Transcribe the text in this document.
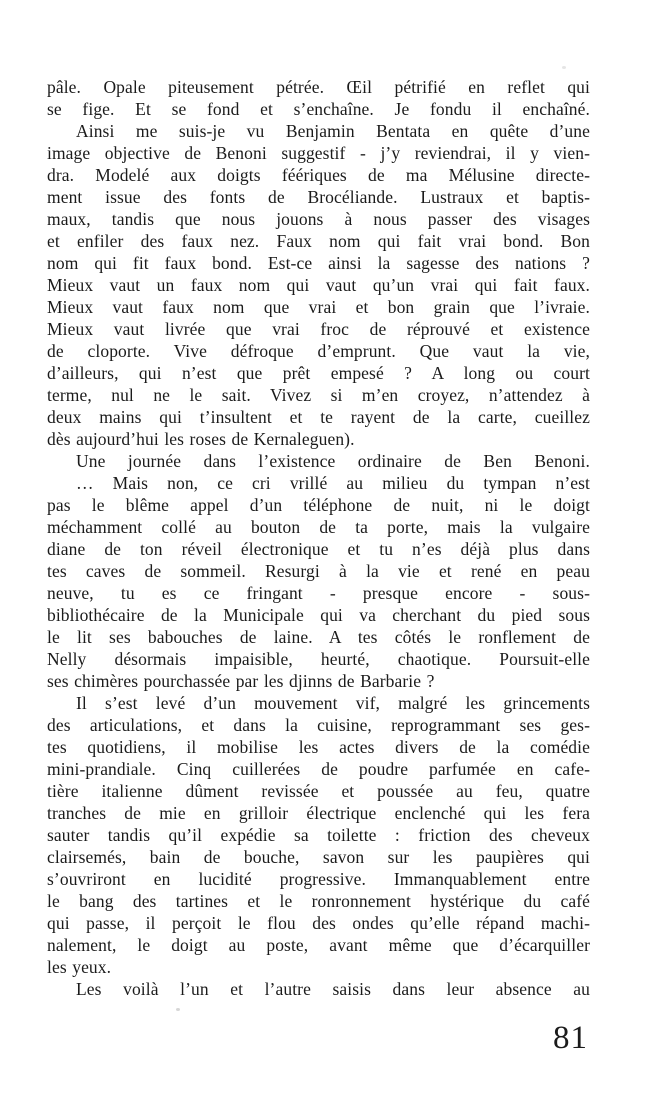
pâle. Opale piteusement pétrée. Œil pétrifié en reflet qui
se fige. Et se fond et s’enchaîne. Je fondu il enchaîné.
Ainsi me suis-je vu Benjamin Bentata en quête d’une
image objective de Benoni suggestif - j’y reviendrai, il y vien-
dra. Modelé aux doigts féériques de ma Mélusine directe-
ment issue des fonts de Brocéliande. Lustraux et baptis-
maux, tandis que nous jouons à nous passer des visages
et enfiler des faux nez. Faux nom qui fait vrai bond. Bon
nom qui fit faux bond. Est-ce ainsi la sagesse des nations ?
Mieux vaut un faux nom qui vaut qu’un vrai qui fait faux.
Mieux vaut faux nom que vrai et bon grain que l’ivraie.
Mieux vaut livrée que vrai froc de réprouvé et existence
de cloporte. Vive défroque d’emprunt. Que vaut la vie,
d’ailleurs, qui n’est que prêt empesé ? A long ou court
terme, nul ne le sait. Vivez si m’en croyez, n’attendez à
deux mains qui t’insultent et te rayent de la carte, cueillez
dès aujourd’hui les roses de Kernaleguen).
Une journée dans l’existence ordinaire de Ben Benoni.
… Mais non, ce cri vrillé au milieu du tympan n’est
pas le blême appel d’un téléphone de nuit, ni le doigt
méchamment collé au bouton de ta porte, mais la vulgaire
diane de ton réveil électronique et tu n’es déjà plus dans
tes caves de sommeil. Resurgi à la vie et rené en peau
neuve, tu es ce fringant - presque encore - sous-
bibliothécaire de la Municipale qui va cherchant du pied sous
le lit ses babouches de laine. A tes côtés le ronflement de
Nelly désormais impaisible, heurté, chaotique. Poursuit-elle
ses chimères pourchassée par les djinns de Barbarie ?
Il s’est levé d’un mouvement vif, malgré les grincements
des articulations, et dans la cuisine, reprogrammant ses ges-
tes quotidiens, il mobilise les actes divers de la comédie
mini-prandiale. Cinq cuillerées de poudre parfumée en cafe-
tière italienne dûment revissée et poussée au feu, quatre
tranches de mie en grilloir électrique enclenché qui les fera
sauter tandis qu’il expédie sa toilette : friction des cheveux
clairsemés, bain de bouche, savon sur les paupières qui
s’ouvriront en lucidité progressive. Immanquablement entre
le bang des tartines et le ronronnement hystérique du café
qui passe, il perçoit le flou des ondes qu’elle répand machi-
nalement, le doigt au poste, avant même que d’écarquiller
les yeux.
Les voilà l’un et l’autre saisis dans leur absence au
81
